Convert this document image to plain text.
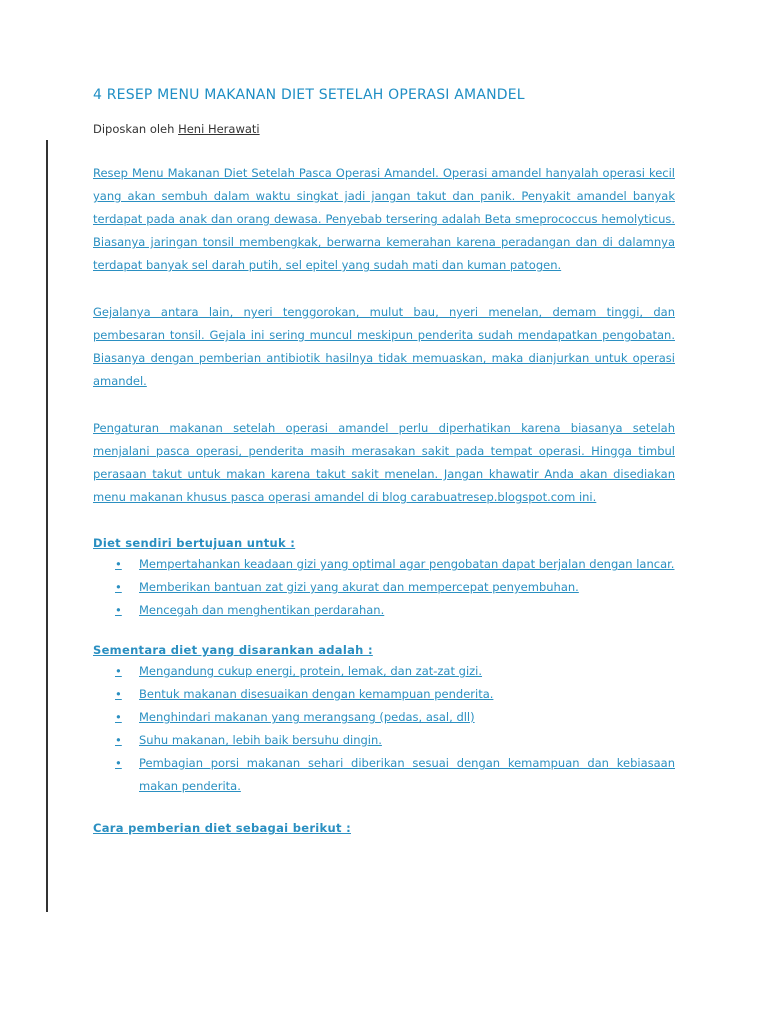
4 RESEP MENU MAKANAN DIET SETELAH OPERASI AMANDEL
Diposkan oleh Heni Herawati

Resep Menu Makanan Diet Setelah Pasca Operasi Amandel. Operasi amandel hanyalah operasi kecil yang akan sembuh dalam waktu singkat jadi jangan takut dan panik. Penyakit amandel banyak terdapat pada anak dan orang dewasa. Penyebab tersering adalah Beta smeprococcus hemolyticus. Biasanya jaringan tonsil membengkak, berwarna kemerahan karena peradangan dan di dalamnya terdapat banyak sel darah putih, sel epitel yang sudah mati dan kuman patogen.

Gejalanya antara lain, nyeri tenggorokan, mulut bau, nyeri menelan, demam tinggi, dan pembesaran tonsil. Gejala ini sering muncul meskipun penderita sudah mendapatkan pengobatan. Biasanya dengan pemberian antibiotik hasilnya tidak memuaskan, maka dianjurkan untuk operasi amandel.

Pengaturan makanan setelah operasi amandel perlu diperhatikan karena biasanya setelah menjalani pasca operasi, penderita masih merasakan sakit pada tempat operasi. Hingga timbul perasaan takut untuk makan karena takut sakit menelan. Jangan khawatir Anda akan disediakan menu makanan khusus pasca operasi amandel di blog carabuatresep.blogspot.com ini.

Diet sendiri bertujuan untuk :
• Mempertahankan keadaan gizi yang optimal agar pengobatan dapat berjalan dengan lancar.
• Memberikan bantuan zat gizi yang akurat dan mempercepat penyembuhan.
• Mencegah dan menghentikan perdarahan.
Sementara diet yang disarankan adalah :
• Mengandung cukup energi, protein, lemak, dan zat-zat gizi.
• Bentuk makanan disesuaikan dengan kemampuan penderita.
• Menghindari makanan yang merangsang (pedas, asal, dll)
• Suhu makanan, lebih baik bersuhu dingin.
• Pembagian porsi makanan sehari diberikan sesuai dengan kemampuan dan kebiasaan makan penderita.
Cara pemberian diet sebagai berikut :
